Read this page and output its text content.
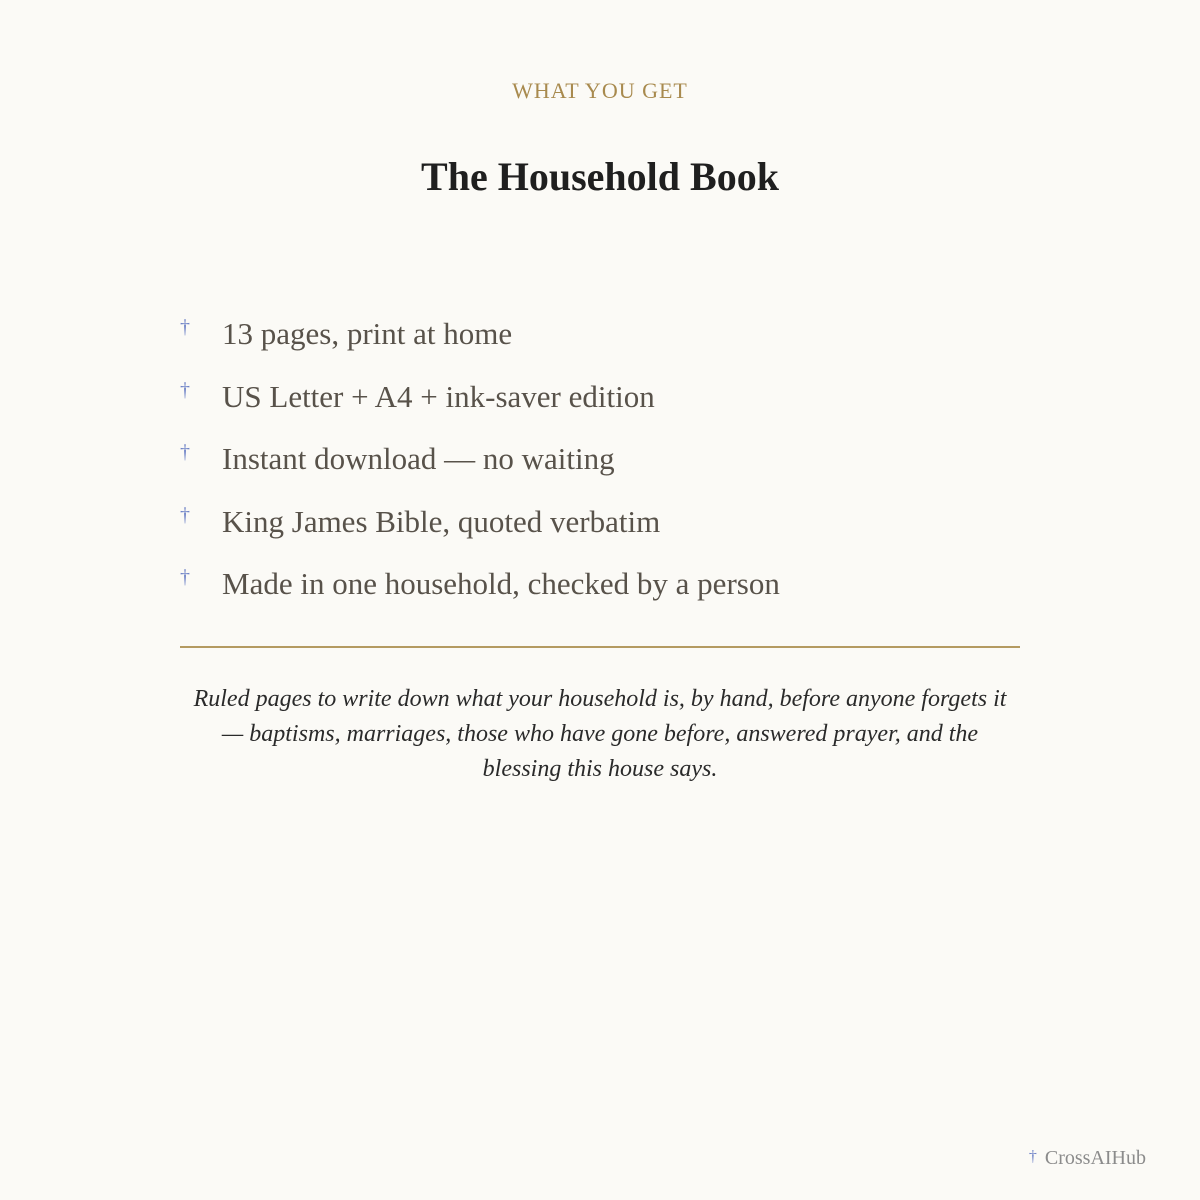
WHAT YOU GET
The Household Book
†	13 pages, print at home
†	US Letter + A4 + ink-saver edition
†	Instant download — no waiting
†	King James Bible, quoted verbatim
†	Made in one household, checked by a person

Ruled pages to write down what your household is, by hand, before anyone forgets it — baptisms, marriages, those who have gone before, answered prayer, and the blessing this house says.

† CrossAIHub
